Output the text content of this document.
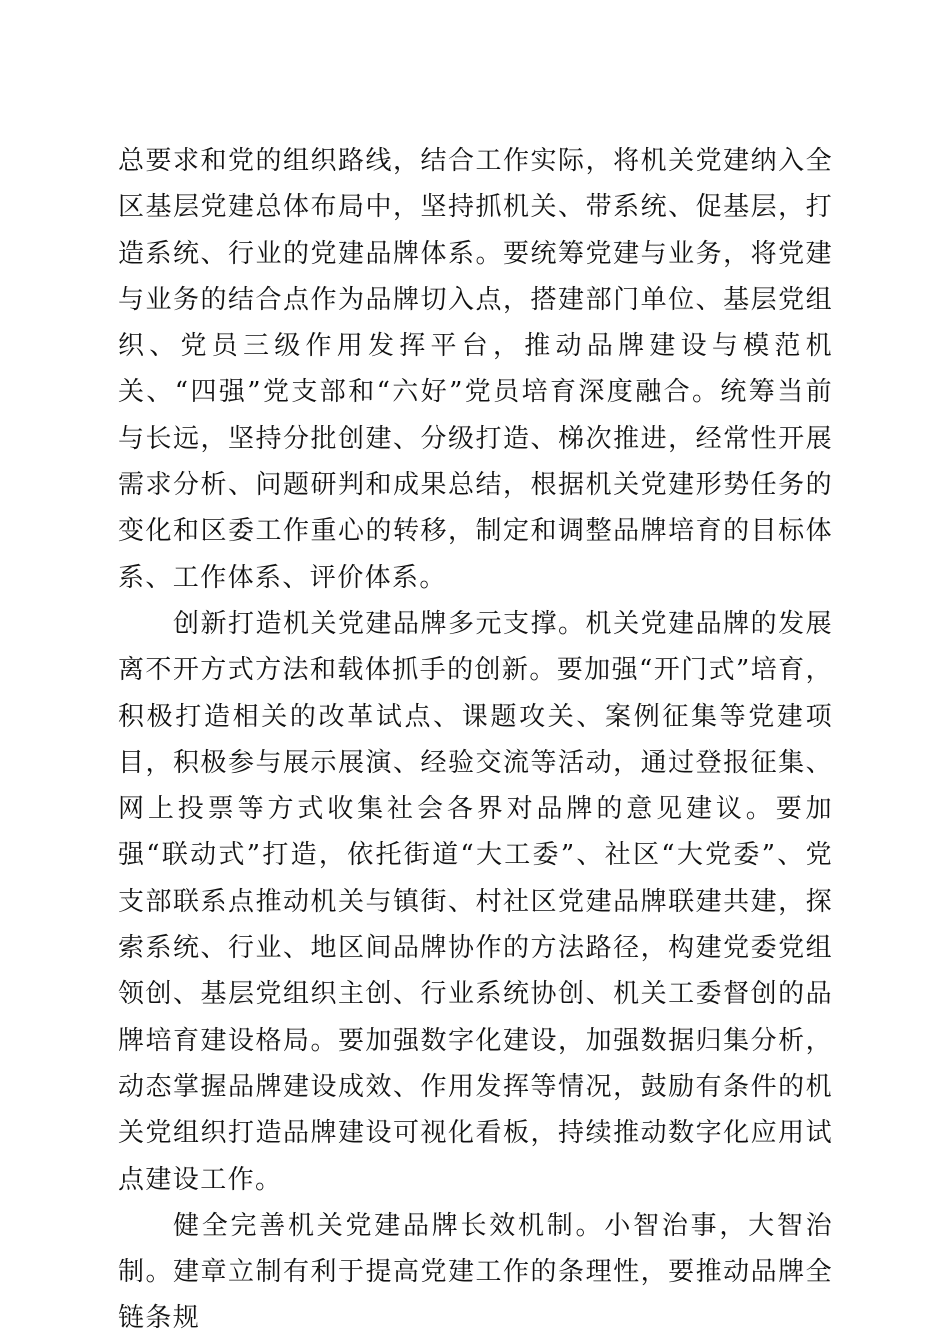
总要求和党的组织路线，结合工作实际，将机关党建纳入全区基层党建总体布局中，坚持抓机关、带系统、促基层，打造系统、行业的党建品牌体系。要统筹党建与业务，将党建与业务的结合点作为品牌切入点，搭建部门单位、基层党组织、党员三级作用发挥平台，推动品牌建设与模范机关、“四强”党支部和“六好”党员培育深度融合。统筹当前与长远，坚持分批创建、分级打造、梯次推进，经常性开展需求分析、问题研判和成果总结，根据机关党建形势任务的变化和区委工作重心的转移，制定和调整品牌培育的目标体系、工作体系、评价体系。

创新打造机关党建品牌多元支撑。机关党建品牌的发展离不开方式方法和载体抓手的创新。要加强“开门式”培育，积极打造相关的改革试点、课题攻关、案例征集等党建项目，积极参与展示展演、经验交流等活动，通过登报征集、网上投票等方式收集社会各界对品牌的意见建议。要加强“联动式”打造，依托街道“大工委”、社区“大党委”、党支部联系点推动机关与镇街、村社区党建品牌联建共建，探索系统、行业、地区间品牌协作的方法路径，构建党委党组领创、基层党组织主创、行业系统协创、机关工委督创的品牌培育建设格局。要加强数字化建设，加强数据归集分析，动态掌握品牌建设成效、作用发挥等情况，鼓励有条件的机关党组织打造品牌建设可视化看板，持续推动数字化应用试点建设工作。

健全完善机关党建品牌长效机制。小智治事，大智治制。建章立制有利于提高党建工作的条理性，要推动品牌全链条规
